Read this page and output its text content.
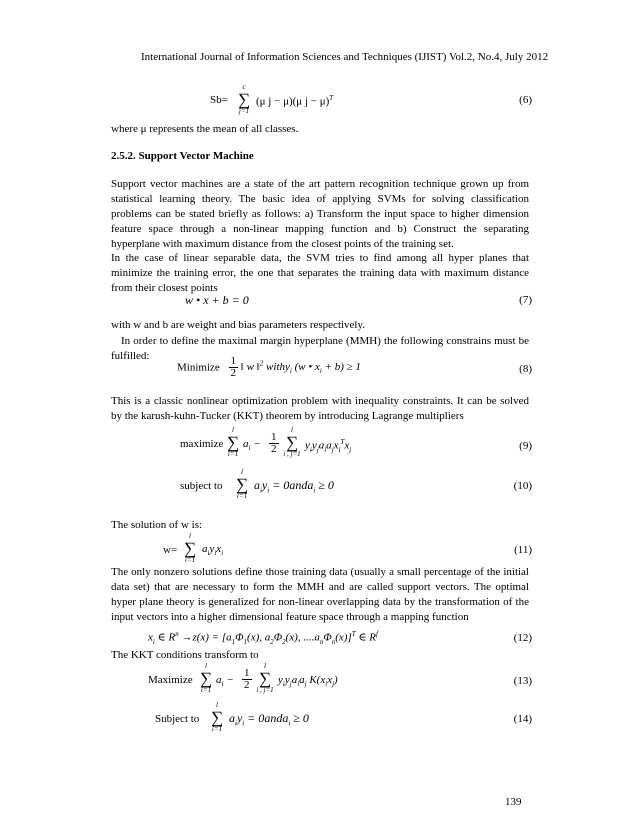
International Journal of Information Sciences and Techniques (IJIST) Vol.2, No.4, July 2012
Sb=
c
∑
j=1
(μ j − μ)(μ j − μ)$^T$	(6)
where μ represents the mean of all classes.
2.5.2. Support Vector Machine
Support vector machines are a state of the art pattern recognition technique grown up from statistical learning theory. The basic idea of applying SVMs for solving classification problems can be stated briefly as follows: a) Transform the input space to higher dimension feature space through a non-linear mapping function and b) Construct the separating hyperplane with maximum distance from the closest points of the training set.
In the case of linear separable data, the SVM tries to find among all hyper planes that minimize the training error, the one that separates the training data with maximum distance from their closest points
w • x + b = 0	(7)
with w and b are weight and bias parameters respectively.
In order to define the maximal margin hyperplane (MMH) the following constrains must be fulfilled:
Minimize $\frac{1}{2}$ ‖ w ‖$^2$ withy$_i$ (w • $x_i + b) \ge 1$	(8)
This is a classic nonlinear optimization problem with inequality constraints. It can be solved by the karush-kuhn-Tucker (KKT) theorem by introducing Lagrange multipliers
maximize
l
∑
i=1
$a_i - \frac{1}{2}$
l
∑
i , j=1
$y_iy_ja_ia_jx_i^Tx_j$	(9)
subject to
l
∑
i=1
$a_iy_i$ = 0anda$_i$ ≥ 0	(10)
The solution of w is:
w=
l
∑
i=1
$a_iy_ix_i$	(11)
The only nonzero solutions define those training data (usually a small percentage of the initial data set) that are necessary to form the MMH and are called support vectors. The optimal hyper plane theory is generalized for non-linear overlapping data by the transformation of the input vectors into a higher dimensional feature space through a mapping function
$x_i$ ∈ $R^n \to z(x) = [a_1\Phi_1(x)$, $a_2\Phi_2(x)$, $....a_n\Phi_n(x)]^T$ ∈ $R^f$	(12)
The KKT conditions transform to
Maximize
l
∑
i=1
$a_i - \frac{1}{2}$
l
∑
i , j=1
$y_iy_ja_ia_j$ $K(x_ix_j)$	(13)
Subject to
l
∑
i=1
$a_iy_i$ = 0anda$_i$ ≥ 0	(14)
139
